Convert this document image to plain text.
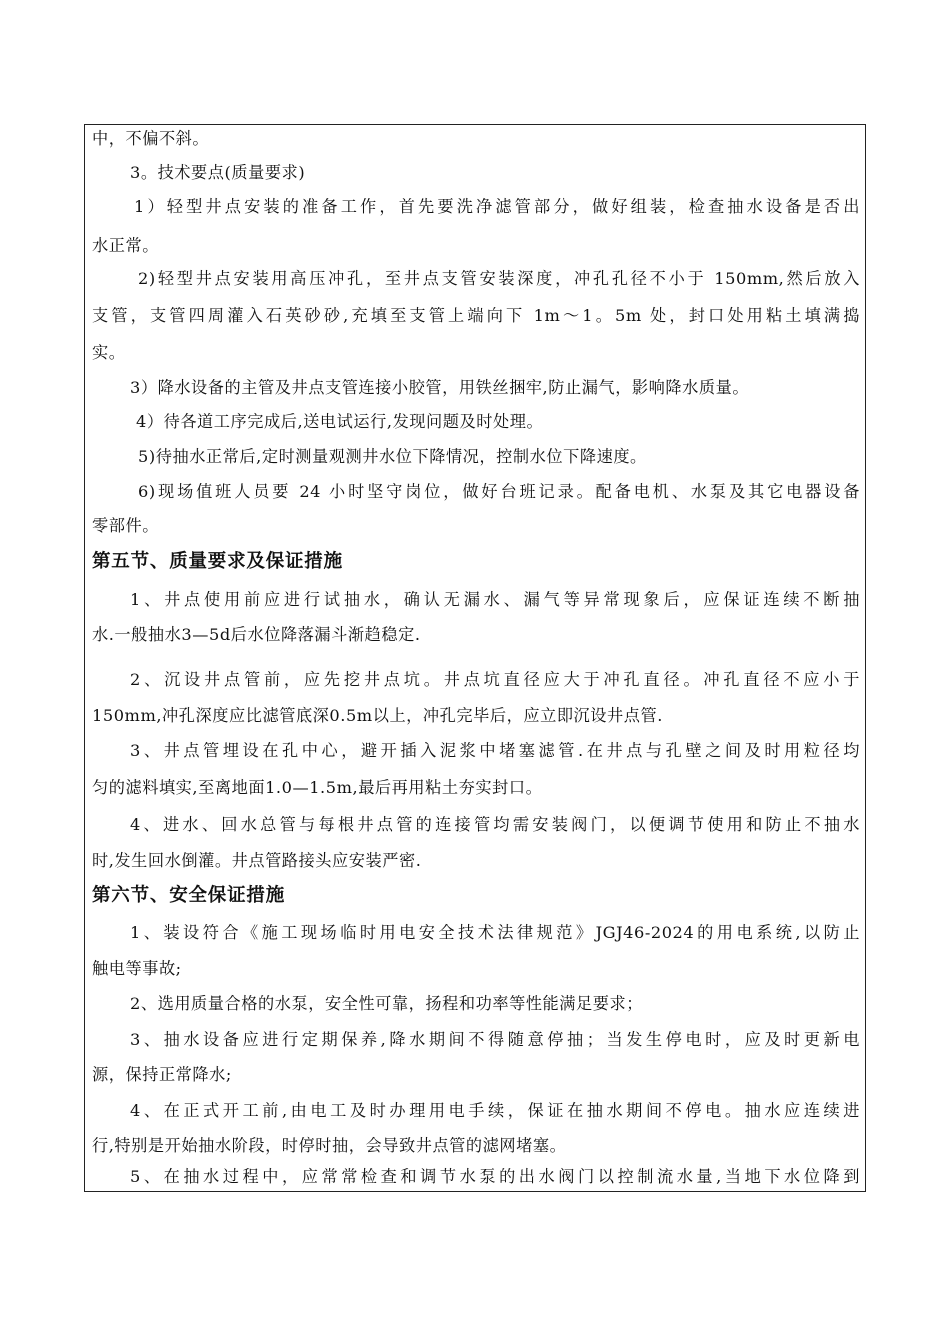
中，不偏不斜。
3。技术要点(质量要求)
1）轻型井点安装的准备工作，首先要洗净滤管部分，做好组装，检查抽水设备是否出
水正常。
2)轻型井点安装用高压冲孔，至井点支管安装深度，冲孔孔径不小于 150mm,然后放入
支管，支管四周灌入石英砂砂,充填至支管上端向下 1m～1。5m 处，封口处用粘土填满捣
实。
3）降水设备的主管及井点支管连接小胶管，用铁丝捆牢,防止漏气，影响降水质量。
4）待各道工序完成后,送电试运行,发现问题及时处理。
5)待抽水正常后,定时测量观测井水位下降情况，控制水位下降速度。
6)现场值班人员要 24 小时坚守岗位，做好台班记录。配备电机、水泵及其它电器设备
零部件。
第五节、质量要求及保证措施
1、井点使用前应进行试抽水，确认无漏水、漏气等异常现象后，应保证连续不断抽
水.一般抽水3—5d后水位降落漏斗渐趋稳定.
2、沉设井点管前，应先挖井点坑。井点坑直径应大于冲孔直径。冲孔直径不应小于
150mm,冲孔深度应比滤管底深0.5m以上，冲孔完毕后，应立即沉设井点管.
3、井点管埋设在孔中心，避开插入泥浆中堵塞滤管.在井点与孔壁之间及时用粒径均
匀的滤料填实,至离地面1.0—1.5m,最后再用粘土夯实封口。
4、进水、回水总管与每根井点管的连接管均需安装阀门，以便调节使用和防止不抽水
时,发生回水倒灌。井点管路接头应安装严密.
第六节、安全保证措施
1、装设符合《施工现场临时用电安全技术法律规范》JGJ46-2024的用电系统,以防止
触电等事故;
2、选用质量合格的水泵，安全性可靠，扬程和功率等性能满足要求；
3、抽水设备应进行定期保养,降水期间不得随意停抽；当发生停电时，应及时更新电
源，保持正常降水;
4、在正式开工前,由电工及时办理用电手续，保证在抽水期间不停电。抽水应连续进
行,特别是开始抽水阶段，时停时抽，会导致井点管的滤网堵塞。
5、在抽水过程中，应常常检查和调节水泵的出水阀门以控制流水量,当地下水位降到
